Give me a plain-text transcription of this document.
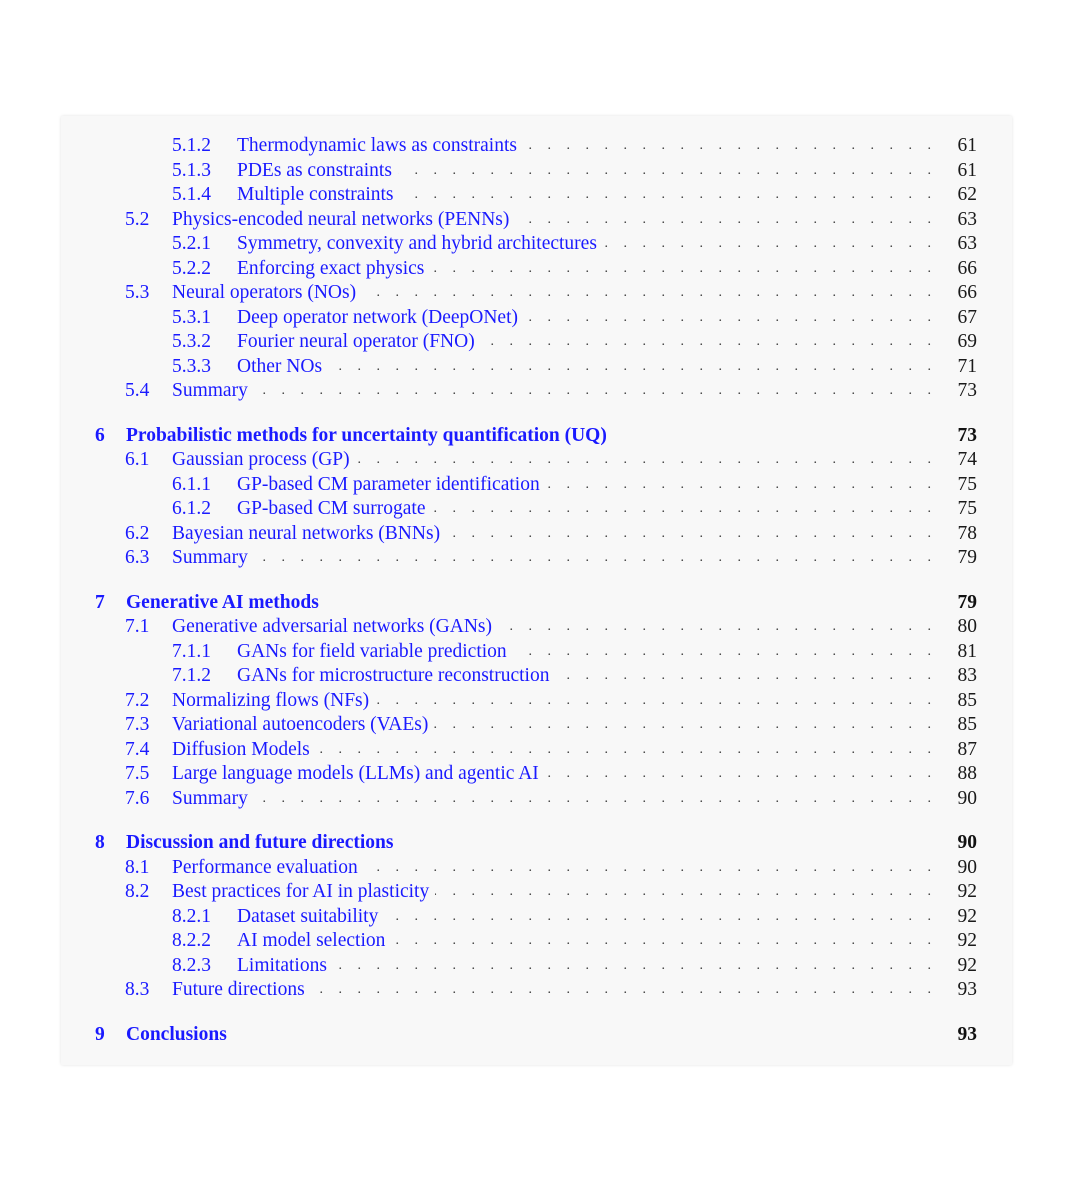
5.1.2	Thermodynamic laws as constraints . . .	61
5.1.3	PDEs as constraints . . .	61
5.1.4	Multiple constraints . . .	62
5.2	Physics-encoded neural networks (PENNs) . . .	63
5.2.1	Symmetry, convexity and hybrid architectures . . .	63
5.2.2	Enforcing exact physics . . .	66
5.3	Neural operators (NOs) . . .	66
5.3.1	Deep operator network (DeepONet) . . .	67
5.3.2	Fourier neural operator (FNO) . . .	69
5.3.3	Other NOs . . .	71
5.4	Summary . . .	73
6	Probabilistic methods for uncertainty quantification (UQ)	73
6.1	Gaussian process (GP) . . .	74
6.1.1	GP-based CM parameter identification . . .	75
6.1.2	GP-based CM surrogate . . .	75
6.2	Bayesian neural networks (BNNs) . . .	78
6.3	Summary . . .	79
7	Generative AI methods	79
7.1	Generative adversarial networks (GANs) . . .	80
7.1.1	GANs for field variable prediction . . .	81
7.1.2	GANs for microstructure reconstruction . . .	83
7.2	Normalizing flows (NFs) . . .	85
7.3	Variational autoencoders (VAEs) . . .	85
7.4	Diffusion Models . . .	87
7.5	Large language models (LLMs) and agentic AI . . .	88
7.6	Summary . . .	90
8	Discussion and future directions	90
8.1	Performance evaluation . . .	90
8.2	Best practices for AI in plasticity . . .	92
8.2.1	Dataset suitability . . .	92
8.2.2	AI model selection . . .	92
8.2.3	Limitations . . .	92
8.3	Future directions . . .	93
9	Conclusions	93
